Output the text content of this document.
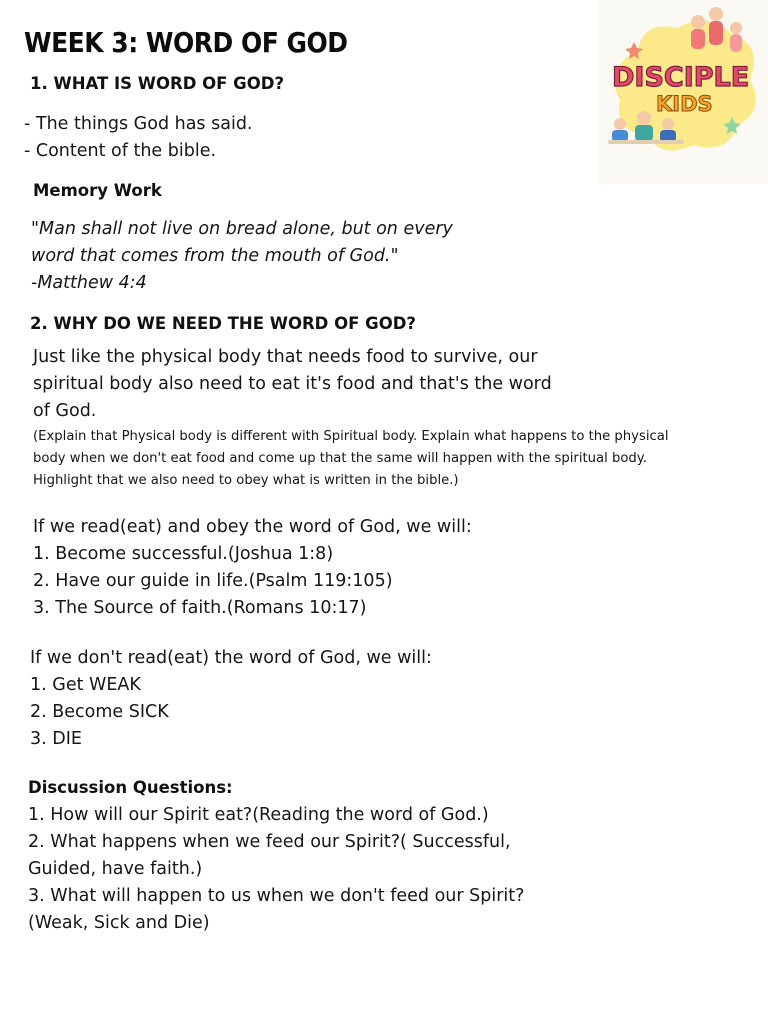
WEEK 3: WORD OF GOD
DISCIPLE
KIDS
1. WHAT IS WORD OF GOD?
- The things God has said.
- Content of the bible.
Memory Work
"Man shall not live on bread alone, but on every
word that comes from the mouth of God."
-Matthew 4:4
2. WHY DO WE NEED THE WORD OF GOD?
Just like the physical body that needs food to survive, our
spiritual body also need to eat it's food and that's the word
of God.
(Explain that Physical body is different with Spiritual body. Explain what happens to the physical
body when we don't eat food and come up that the same will happen with the spiritual body.
Highlight that we also need to obey what is written in the bible.)
If we read(eat) and obey the word of God, we will:
1. Become successful.(Joshua 1:8)
2. Have our guide in life.(Psalm 119:105)
3. The Source of faith.(Romans 10:17)
If we don't read(eat) the word of God, we will:
1. Get WEAK
2. Become SICK
3. DIE
Discussion Questions:
1. How will our Spirit eat?(Reading the word of God.)
2. What happens when we feed our Spirit?( Successful,
Guided, have faith.)
3. What will happen to us when we don't feed our Spirit?
(Weak, Sick and Die)
